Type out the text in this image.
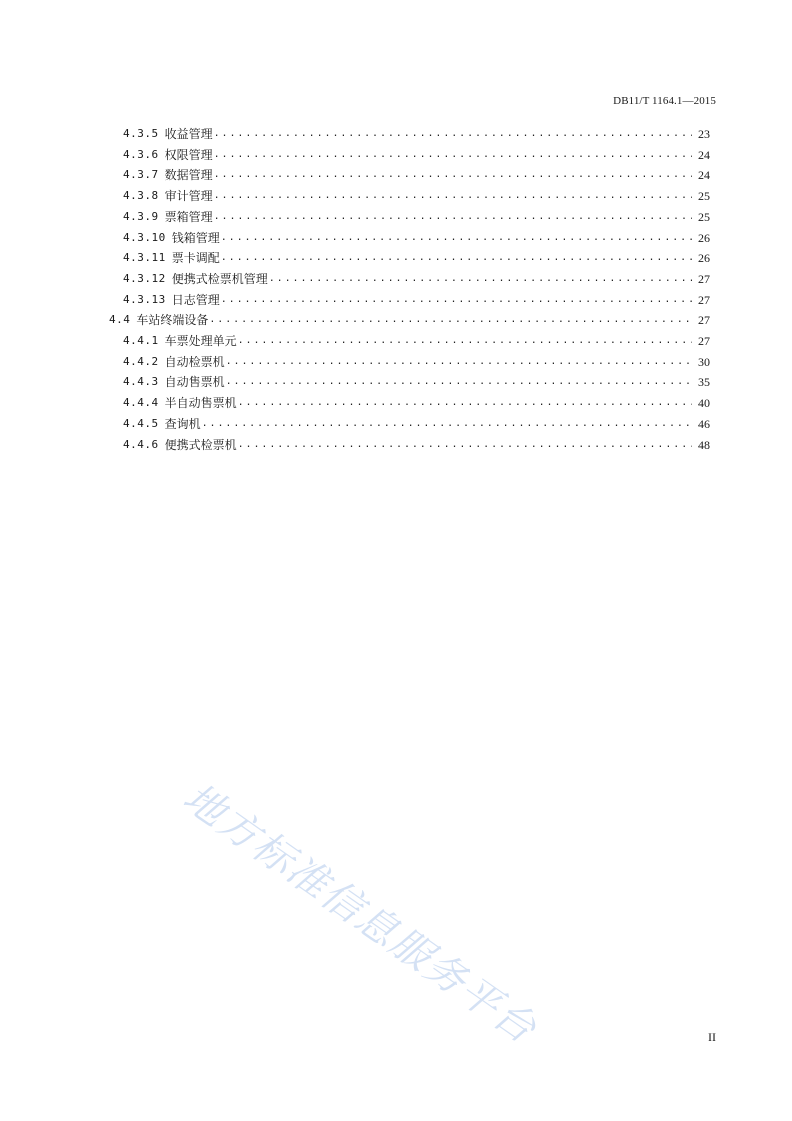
DB11/T 1164.1—2015
4.3.5 收益管理 .....	23
4.3.6 权限管理 .....	24
4.3.7 数据管理 .....	24
4.3.8 审计管理 .....	25
4.3.9 票箱管理 .....	25
4.3.10 钱箱管理 .....	26
4.3.11 票卡调配 .....	26
4.3.12 便携式检票机管理 .....	27
4.3.13 日志管理 .....	27
4.4 车站终端设备 .....	27
4.4.1 车票处理单元 .....	27
4.4.2 自动检票机 .....	30
4.4.3 自动售票机 .....	35
4.4.4 半自动售票机 .....	40
4.4.5 查询机 .....	46
4.4.6 便携式检票机 .....	48
地方标准信息服务平台	II
